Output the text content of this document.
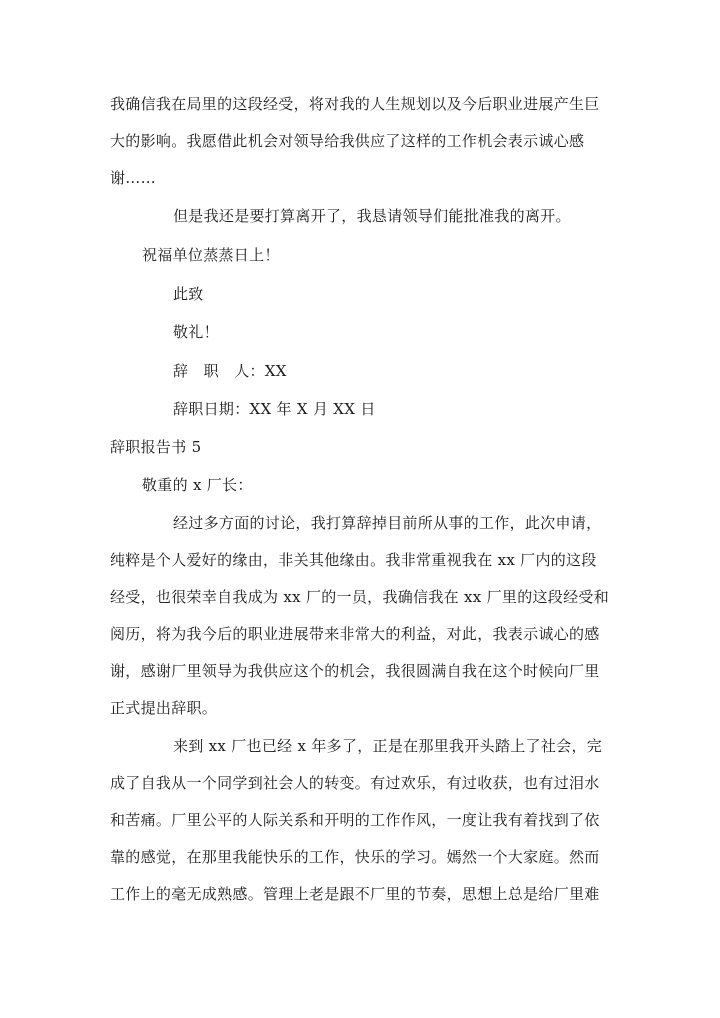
我确信我在局里的这段经受，将对我的人生规划以及今后职业进展产生巨
大的影响。我愿借此机会对领导给我供应了这样的工作机会表示诚心感
谢……
但是我还是要打算离开了，我恳请领导们能批准我的离开。
祝福单位蒸蒸日上！
此致
敬礼！
辞　职　人：XX
辞职日期：XX 年 X 月 XX 日
辞职报告书 5
敬重的 x 厂长：
经过多方面的讨论，我打算辞掉目前所从事的工作，此次申请，
纯粹是个人爱好的缘由，非关其他缘由。我非常重视我在 xx 厂内的这段
经受，也很荣幸自我成为 xx 厂的一员，我确信我在 xx 厂里的这段经受和
阅历，将为我今后的职业进展带来非常大的利益，对此，我表示诚心的感
谢，感谢厂里领导为我供应这个的机会，我很圆满自我在这个时候向厂里
正式提出辞职。
来到 xx 厂也已经 x 年多了，正是在那里我开头踏上了社会，完
成了自我从一个同学到社会人的转变。有过欢乐，有过收获，也有过泪水
和苦痛。厂里公平的人际关系和开明的工作作风，一度让我有着找到了依
靠的感觉，在那里我能快乐的工作，快乐的学习。嫣然一个大家庭。然而
工作上的毫无成熟感。管理上老是跟不厂里的节奏，思想上总是给厂里难
